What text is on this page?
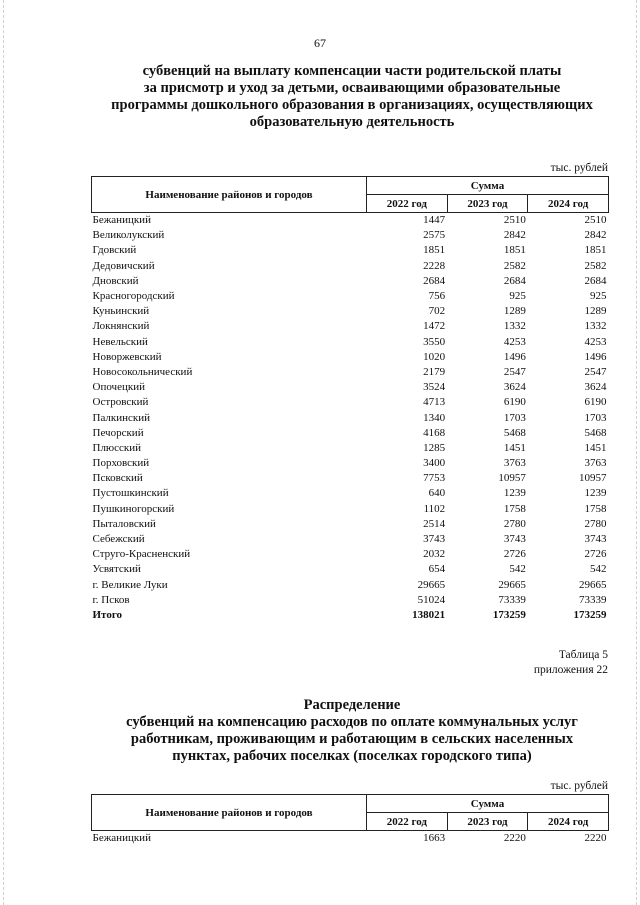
67
субвенций на выплату компенсации части родительской платы
за присмотр и уход за детьми, осваивающими образовательные
программы дошкольного образования в организациях, осуществляющих
образовательную деятельность
тыс. рублей
Наименование районов и городов	Сумма		
	2022 год	2023 год	2024 год
Бежаницкий	1447	2510	2510
Великолукский	2575	2842	2842
Гдовский	1851	1851	1851
Дедовичский	2228	2582	2582
Дновский	2684	2684	2684
Красногородский	756	925	925
Куньинский	702	1289	1289
Локнянский	1472	1332	1332
Невельский	3550	4253	4253
Новоржевский	1020	1496	1496
Новосокольнический	2179	2547	2547
Опочецкий	3524	3624	3624
Островский	4713	6190	6190
Палкинский	1340	1703	1703
Печорский	4168	5468	5468
Плюсский	1285	1451	1451
Порховский	3400	3763	3763
Псковский	7753	10957	10957
Пустошкинский	640	1239	1239
Пушкиногорский	1102	1758	1758
Пыталовский	2514	2780	2780
Себежский	3743	3743	3743
Струго-Красненский	2032	2726	2726
Усвятский	654	542	542
г. Великие Луки	29665	29665	29665
г. Псков	51024	73339	73339
Итого	138021	173259	173259
Таблица 5
приложения 22
Распределение
субвенций на компенсацию расходов по оплате коммунальных услуг
работникам, проживающим и работающим в сельских населенных
пунктах, рабочих поселках (поселках городского типа)
тыс. рублей
Наименование районов и городов	Сумма		
	2022 год	2023 год	2024 год
Бежаницкий	1663	2220	2220
